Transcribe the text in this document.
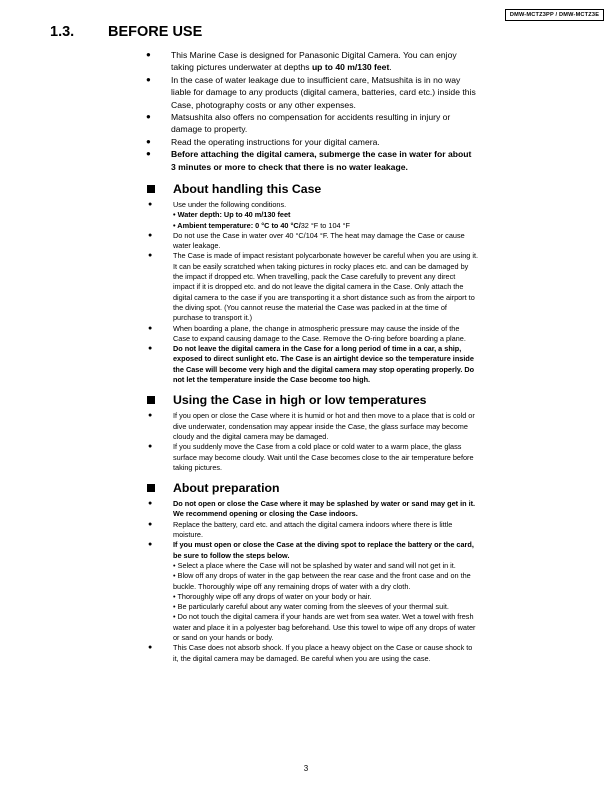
DMW-MCTZ3PP / DMW-MCTZ3E
1.3. BEFORE USE
● This Marine Case is designed for Panasonic Digital Camera. You can enjoy taking pictures underwater at depths up to 40 m/130 feet.
● In the case of water leakage due to insufficient care, Matsushita is in no way liable for damage to any products (digital camera, batteries, card etc.) inside this Case, photography costs or any other expenses.
● Matsushita also offers no compensation for accidents resulting in injury or damage to property.
● Read the operating instructions for your digital camera.
● Before attaching the digital camera, submerge the case in water for about 3 minutes or more to check that there is no water leakage.
About handling this Case
●	Use under the following conditions.
• Water depth: Up to 40 m/130 feet
• Ambient temperature: 0 °C to 40 °C/32 °F to 104 °F
●	Do not use the Case in water over 40 °C/104 °F. The heat may damage the Case or cause water leakage.
●	The Case is made of impact resistant polycarbonate however be careful when you are using it. It can be easily scratched when taking pictures in rocky places etc. and can be damaged by the impact if dropped etc. When travelling, pack the Case carefully to prevent any direct impact if it is dropped etc. and do not leave the digital camera in the Case. Only attach the digital camera to the case if you are transporting it a short distance such as from the airport to the diving spot. (You cannot reuse the material the Case was packed in at the time of purchase to transport it.)
●	When boarding a plane, the change in atmospheric pressure may cause the inside of the Case to expand causing damage to the Case. Remove the O-ring before boarding a plane.
●	Do not leave the digital camera in the Case for a long period of time in a car, a ship, exposed to direct sunlight etc. The Case is an airtight device so the temperature inside the Case will become very high and the digital camera may stop operating properly. Do not let the temperature inside the Case become too high.
Using the Case in high or low temperatures
●	If you open or close the Case where it is humid or hot and then move to a place that is cold or dive underwater, condensation may appear inside the Case, the glass surface may become cloudy and the digital camera may be damaged.
●	If you suddenly move the Case from a cold place or cold water to a warm place, the glass surface may become cloudy. Wait until the Case becomes close to the air temperature before taking pictures.
About preparation
●	Do not open or close the Case where it may be splashed by water or sand may get in it. We recommend opening or closing the Case indoors.
●	Replace the battery, card etc. and attach the digital camera indoors where there is little moisture.
●	If you must open or close the Case at the diving spot to replace the battery or the card, be sure to follow the steps below.
• Select a place where the Case will not be splashed by water and sand will not get in it.
• Blow off any drops of water in the gap between the rear case and the front case and on the buckle. Thoroughly wipe off any remaining drops of water with a dry cloth.
• Thoroughly wipe off any drops of water on your body or hair.
• Be particularly careful about any water coming from the sleeves of your thermal suit.
• Do not touch the digital camera if your hands are wet from sea water. Wet a towel with fresh water and place it in a polyester bag beforehand. Use this towel to wipe off any drops of water or sand on your hands or body.
●	This Case does not absorb shock. If you place a heavy object on the Case or cause shock to it, the digital camera may be damaged. Be careful when you are using the case.
3
